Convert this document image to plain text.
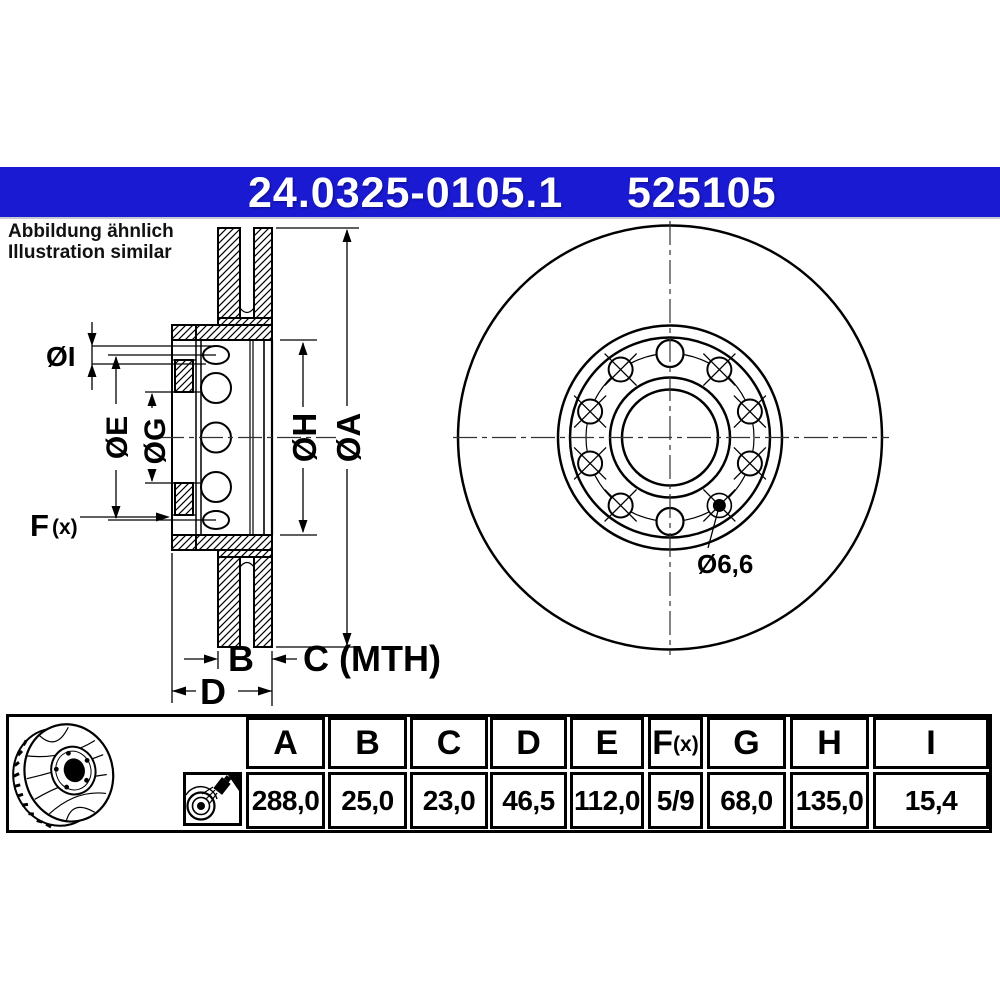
24.0325-0105.1 525105
Abbildung ähnlich
Illustration similar
Ø6,6
ØI
ØE ØG
F (x)
ØH ØA
B C (MTH)
D
A
288,0
B
25,0
C
23,0
D
46,5
E
112,0
F (x)
5/9
G
68,0
H
135,0
I
15,4
